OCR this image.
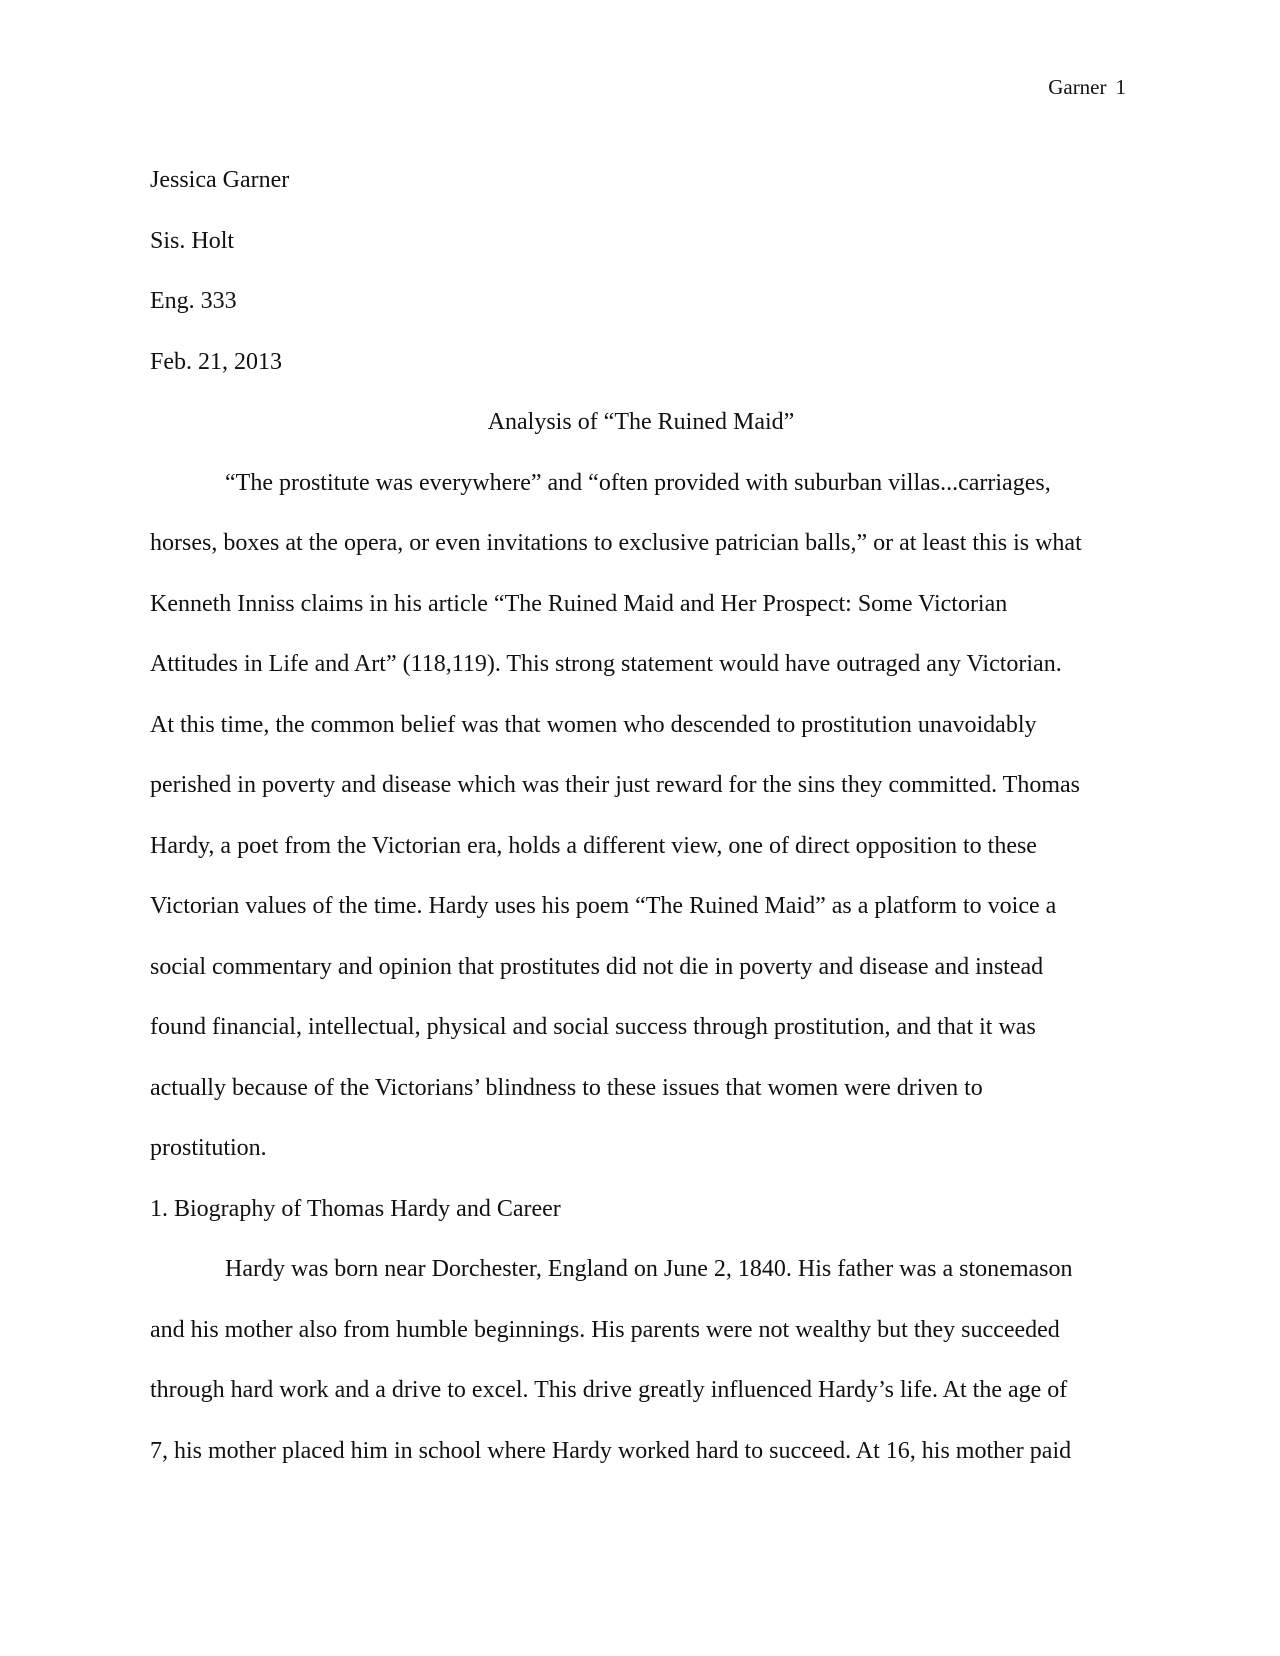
Garner 1
Jessica Garner
Sis. Holt
Eng. 333
Feb. 21, 2013
Analysis of “The Ruined Maid”
“The prostitute was everywhere” and “often provided with suburban villas...carriages,
horses, boxes at the opera, or even invitations to exclusive patrician balls,” or at least this is what
Kenneth Inniss claims in his article “The Ruined Maid and Her Prospect: Some Victorian
Attitudes in Life and Art” (118,119). This strong statement would have outraged any Victorian.
At this time, the common belief was that women who descended to prostitution unavoidably
perished in poverty and disease which was their just reward for the sins they committed. Thomas
Hardy, a poet from the Victorian era, holds a different view, one of direct opposition to these
Victorian values of the time. Hardy uses his poem “The Ruined Maid” as a platform to voice a
social commentary and opinion that prostitutes did not die in poverty and disease and instead
found financial, intellectual, physical and social success through prostitution, and that it was
actually because of the Victorians’ blindness to these issues that women were driven to
prostitution.
1. Biography of Thomas Hardy and Career
Hardy was born near Dorchester, England on June 2, 1840. His father was a stonemason
and his mother also from humble beginnings. His parents were not wealthy but they succeeded
through hard work and a drive to excel. This drive greatly influenced Hardy’s life. At the age of
7, his mother placed him in school where Hardy worked hard to succeed. At 16, his mother paid
